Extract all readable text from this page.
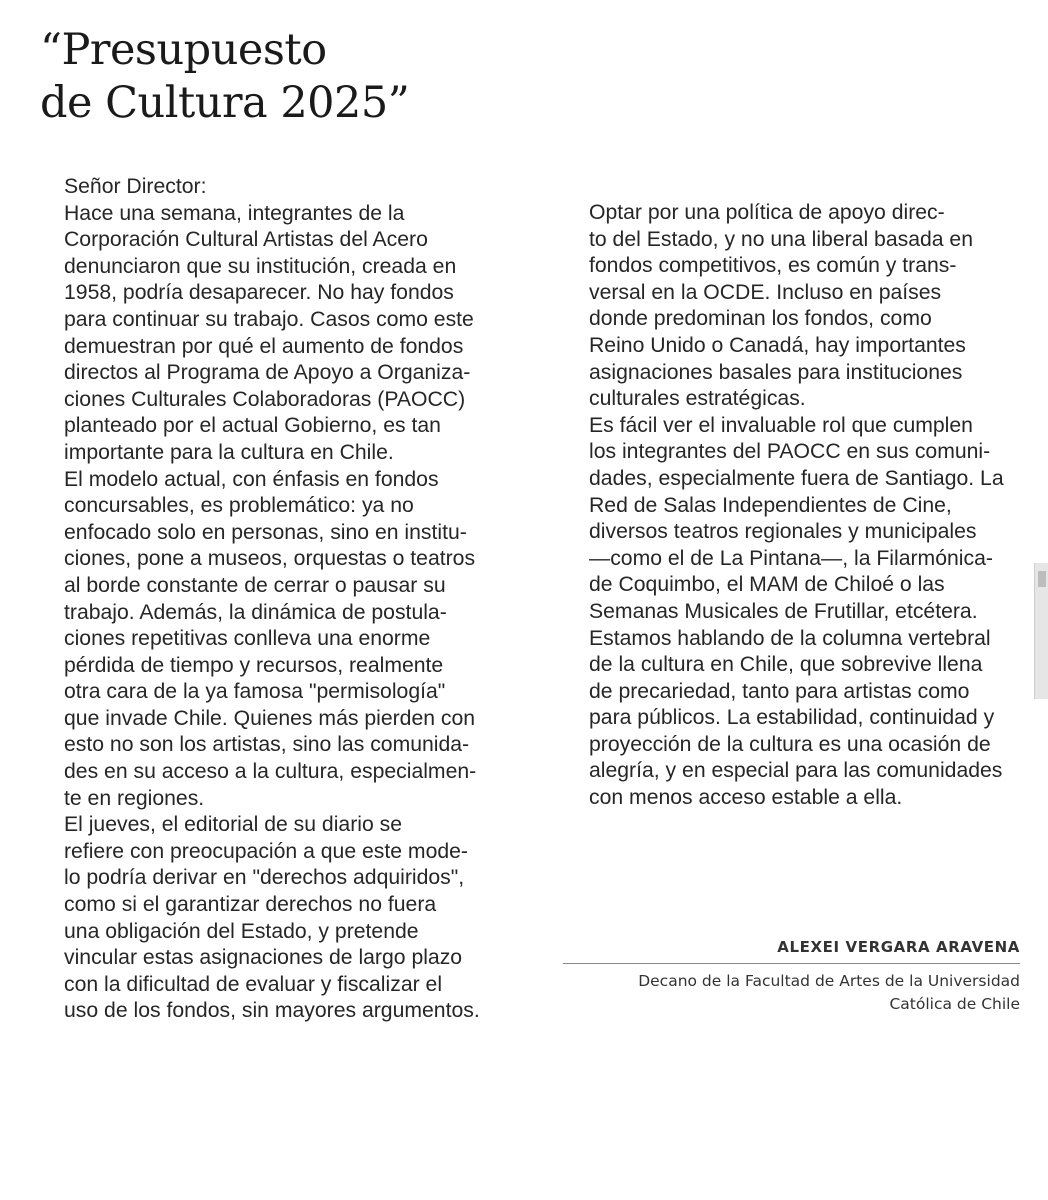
“Presupuesto
de Cultura 2025”

Señor Director:

Hace una semana, integrantes de la
Corporación Cultural Artistas del Acero
denunciaron que su institución, creada en
1958, podría desaparecer. No hay fondos
para continuar su trabajo. Casos como este
demuestran por qué el aumento de fondos
directos al Programa de Apoyo a Organiza-
ciones Culturales Colaboradoras (PAOCC)
planteado por el actual Gobierno, es tan
importante para la cultura en Chile.

El modelo actual, con énfasis en fondos
concursables, es problemático: ya no
enfocado solo en personas, sino en institu-
ciones, pone a museos, orquestas o teatros
al borde constante de cerrar o pausar su
trabajo. Además, la dinámica de postula-
ciones repetitivas conlleva una enorme
pérdida de tiempo y recursos, realmente
otra cara de la ya famosa "permisología"
que invade Chile. Quienes más pierden con
esto no son los artistas, sino las comunida-
des en su acceso a la cultura, especialmen-
te en regiones.

El jueves, el editorial de su diario se
refiere con preocupación a que este mode-
lo podría derivar en "derechos adquiridos",
como si el garantizar derechos no fuera
una obligación del Estado, y pretende
vincular estas asignaciones de largo plazo
con la dificultad de evaluar y fiscalizar el
uso de los fondos, sin mayores argumentos.

Optar por una política de apoyo direc-
to del Estado, y no una liberal basada en
fondos competitivos, es común y trans-
versal en la OCDE. Incluso en países
donde predominan los fondos, como
Reino Unido o Canadá, hay importantes
asignaciones basales para instituciones
culturales estratégicas.

Es fácil ver el invaluable rol que cumplen
los integrantes del PAOCC en sus comuni-
dades, especialmente fuera de Santiago. La
Red de Salas Independientes de Cine,
diversos teatros regionales y municipales
—como el de La Pintana—, la Filarmónica-
de Coquimbo, el MAM de Chiloé o las
Semanas Musicales de Frutillar, etcétera.
Estamos hablando de la columna vertebral
de la cultura en Chile, que sobrevive llena
de precariedad, tanto para artistas como
para públicos. La estabilidad, continuidad y
proyección de la cultura es una ocasión de
alegría, y en especial para las comunidades
con menos acceso estable a ella.

ALEXEI VERGARA ARAVENA
Decano de la Facultad de Artes de la Universidad
Católica de Chile
